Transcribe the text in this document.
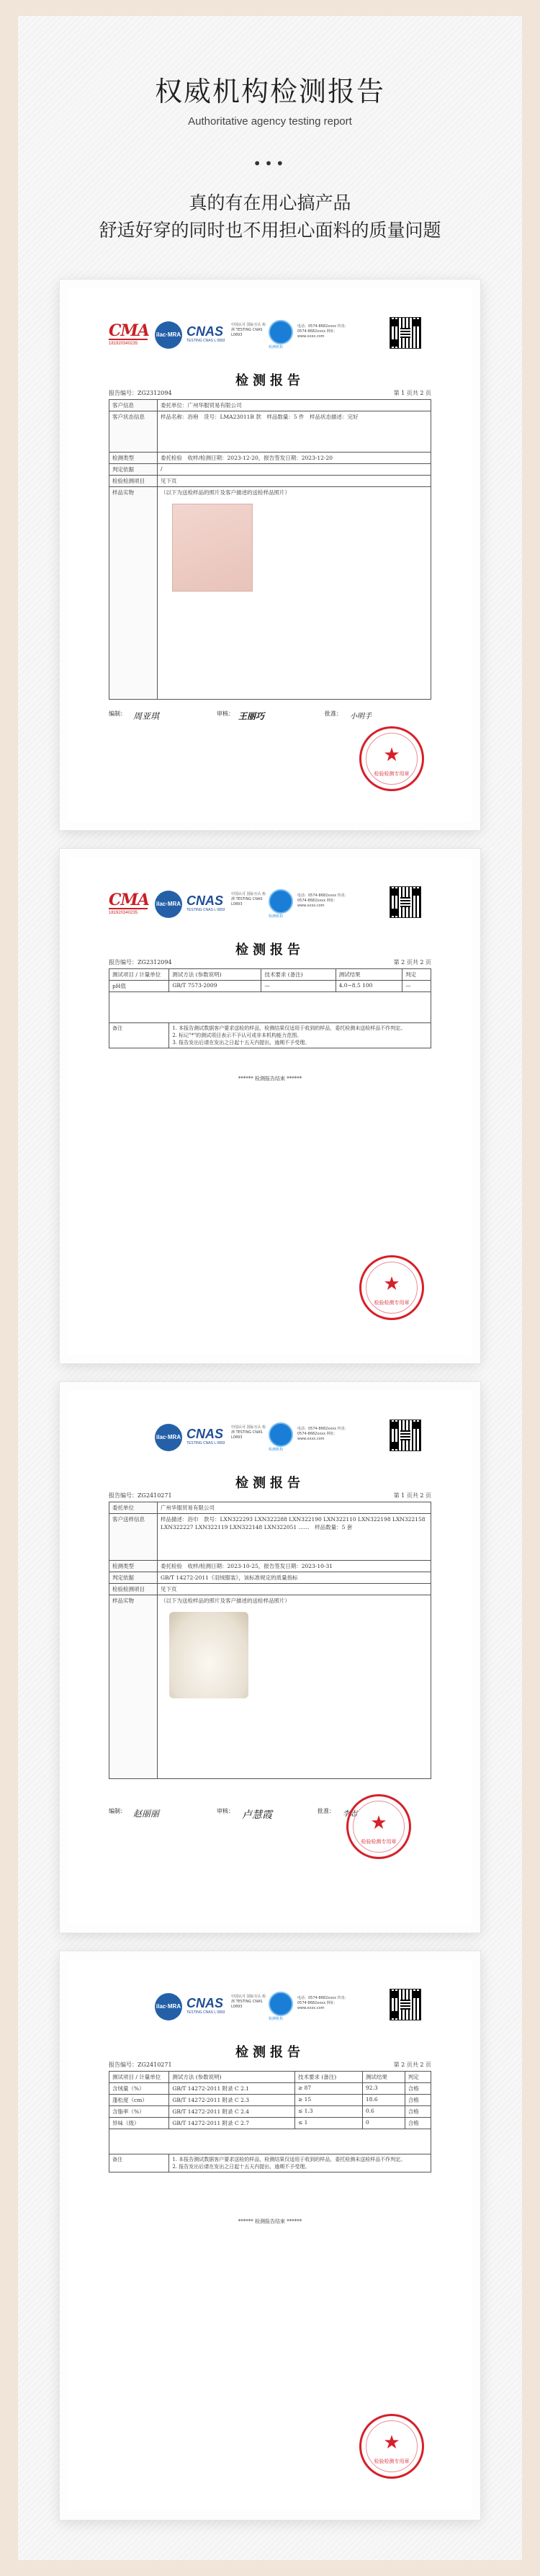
权威机构检测报告
Authoritative agency testing report
•••
真的有在用心搞产品
舒适好穿的同时也不用担心面料的质量问题
CMA
181920340235
ilac·MRA CNAS
TESTING CNAS L 0893
中国认可 国际互认 检测 TESTING CNAS L0893
检测机构
电话：0574-8682xxxx 传真：0574-8682xxxx 网址：www.xxxx.com
检测报告
报告编号：ZG2312094	第 1 页共 2 页
客户信息	委托单位：广州华服贸易有限公司
客户状态信息	样品名称：浴袍　货号：LMA23011B 款　样品数量：5 件　样品状态描述：完好
检测类型	委托检验　收样/检测日期：2023-12-20，报告签发日期：2023-12-20
判定依据	/
检验检测项目	见下页
样品实物	（以下为送检样品的照片及客户描述的送检样品照片）
编制： 周亚琪	审核： 王丽巧	批准： 小明手
★
检验检测专用章
CMA
181920340235
ilac·MRA CNAS
TESTING CNAS L 0893
中国认可 国际互认 检测 TESTING CNAS L0893
检测机构
电话：0574-8682xxxx 传真：0574-8682xxxx 网址：www.xxxx.com
检测报告
报告编号：ZG2312094	第 2 页共 2 页
测试项目 / 计量单位	测试方法 (参数说明)	技术要求 (备注)	测试结果	判定
pH值	GB/T 7573-2009	—	4.0~8.5 100	—

备注	1. 本报告测试数据客户要求送检的样品，检测结果仅适用于收到的样品，委托检测未送检样品不作判定。
2. 标记"*"的测试项目表示不予认可或非本机构能力范围。
3. 报告发出后请在发出之日起十五天内提出，逾期不予受理。			
****** 检测报告结束 ******
★
检验检测专用章
ilac·MRA CNAS
TESTING CNAS L 0893
中国认可 国际互认 检测 TESTING CNAS L0893
检测机构
电话：0574-8682xxxx 传真：0574-8682xxxx 网址：www.xxxx.com
检测报告
报告编号：ZG2410271	第 1 页共 2 页
委托单位	广州华服贸易有限公司
客户送样信息	样品描述：浴巾　款号：LXN322293 LXN322288 LXN322190 LXN322110 LXN322198 LXN322158 LXN322227 LXN322119 LXN322148 LXN322051 ……　样品数量：5 套
检测类型	委托检验　收样/检测日期：2023-10-25，报告签发日期：2023-10-31
判定依据	GB/T 14272-2011《羽绒服装》，该标准规定的质量指标
检验检测项目	见下页
样品实物	（以下为送检样品的照片及客户描述的送检样品照片）
编制： 赵丽丽	审核： 卢慧霞	批准： 李志 ★
检验检测专用章
ilac·MRA CNAS
TESTING CNAS L 0893
中国认可 国际互认 检测 TESTING CNAS L0893
检测机构
电话：0574-8682xxxx 传真：0574-8682xxxx 网址：www.xxxx.com
检测报告
报告编号：ZG2410271	第 2 页共 2 页
测试项目 / 计量单位	测试方法 (参数说明)	技术要求 (备注)	测试结果	判定
含绒量（%）	GB/T 14272-2011 附录 C 2.1	≥ 87	92.3	合格
蓬松度（cm）	GB/T 14272-2011 附录 C 2.3	≥ 15	18.6	合格
含脂率（%）	GB/T 14272-2011 附录 C 2.4	≤ 1.3	0.6	合格
异味（级）	GB/T 14272-2011 附录 C 2.7	≤ 1	0	合格

备注	1. 本报告测试数据客户要求送检的样品，检测结果仅适用于收到的样品，委托检测未送检样品不作判定。
2. 报告发出后请在发出之日起十五天内提出，逾期不予受理。			
****** 检测报告结束 ******
★
检验检测专用章
